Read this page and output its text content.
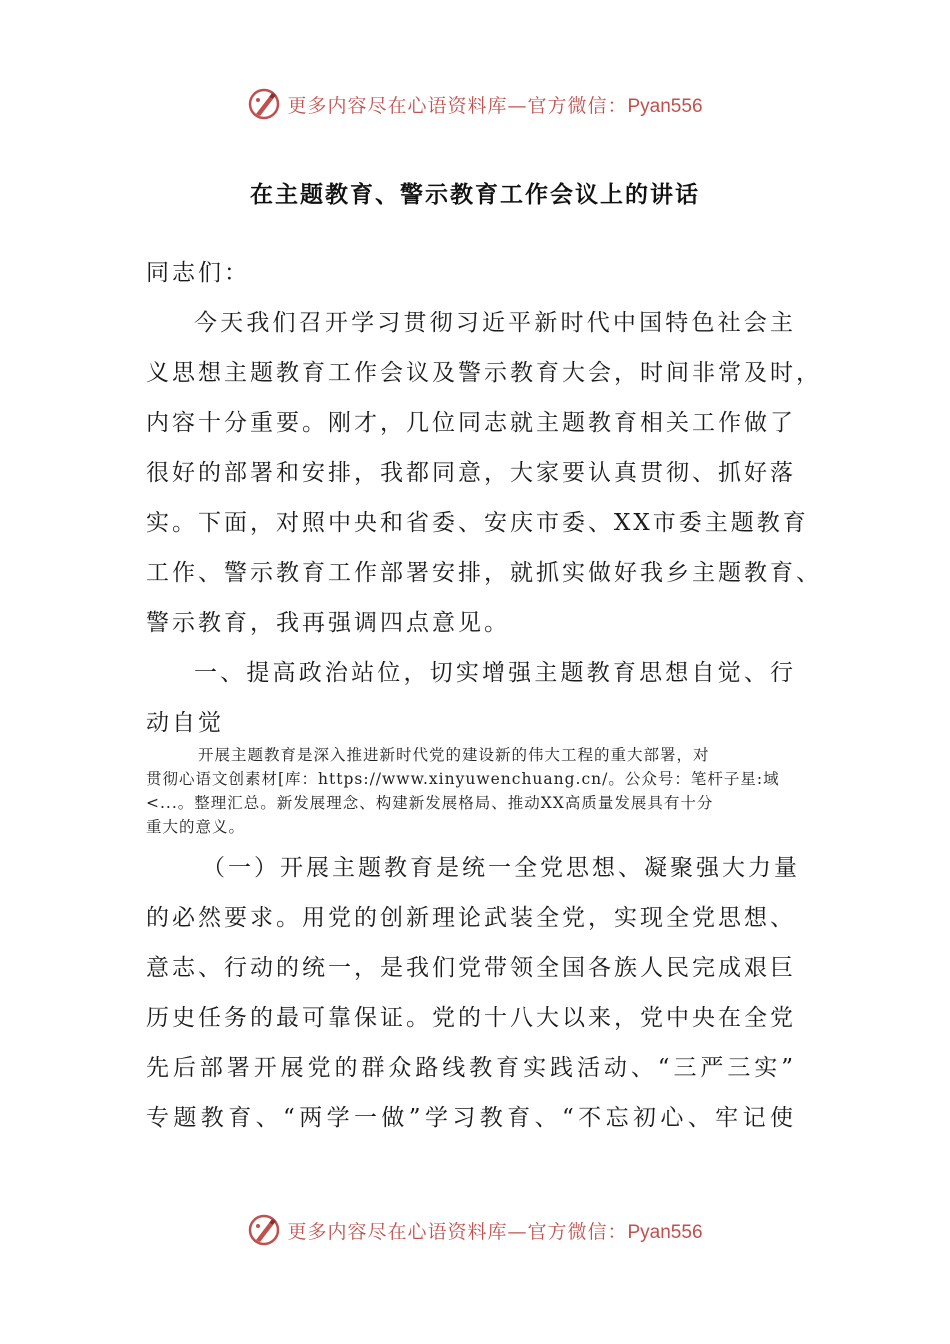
更多内容尽在心语资料库—官方微信：Pyan556
在主题教育、警示教育工作会议上的讲话
同志们：
今天我们召开学习贯彻习近平新时代中国特色社会主
义思想主题教育工作会议及警示教育大会，时间非常及时，
内容十分重要。刚才，几位同志就主题教育相关工作做了
很好的部署和安排，我都同意，大家要认真贯彻、抓好落
实。下面，对照中央和省委、安庆市委、XX市委主题教育
工作、警示教育工作部署安排，就抓实做好我乡主题教育、
警示教育，我再强调四点意见。
一、提高政治站位，切实增强主题教育思想自觉、行
动自觉
开展主题教育是深入推进新时代党的建设新的伟大工程的重大部署，对
贯彻心语文创素材[库：https://www.xinyuwenchuang.cn/。公众号：笔杆子星:域
<...。整理汇总。新发展理念、构建新发展格局、推动XX高质量发展具有十分
重大的意义。
（一）开展主题教育是统一全党思想、凝聚强大力量
的必然要求。用党的创新理论武装全党，实现全党思想、
意志、行动的统一，是我们党带领全国各族人民完成艰巨
历史任务的最可靠保证。党的十八大以来，党中央在全党
先后部署开展党的群众路线教育实践活动、“三严三实”
专题教育、“两学一做”学习教育、“不忘初心、牢记使
更多内容尽在心语资料库—官方微信：Pyan556
